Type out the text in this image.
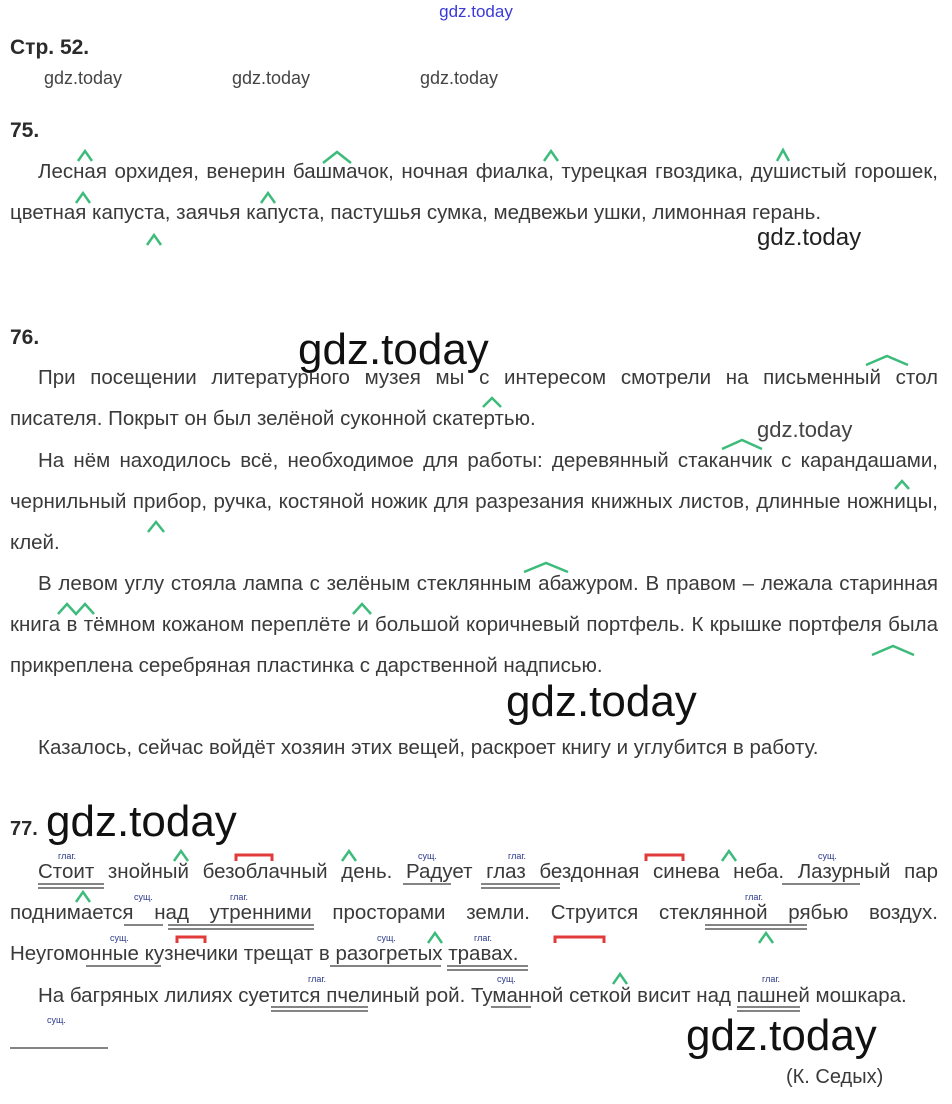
gdz.today
Стр. 52.
gdz.today	gdz.today	gdz.today
75.
Лесная орхидея, венерин башмачок, ночная фиалка, турецкая гвоздика, душистый горошек, цветная капуста, заячья капуста, пастушья сумка, медвежьи ушки, лимонная герань.
gdz.today
76.	gdz.today
При посещении литературного музея мы с интересом смотрели на письменный стол писателя. Покрыт он был зелёной суконной скатертью.	gdz.today
На нём находилось всё, необходимое для работы: деревянный стаканчик с карандашами, чернильный прибор, ручка, костяной ножик для разрезания книжных листов, длинные ножницы, клей.
В левом углу стояла лампа с зелёным стеклянным абажуром. В правом – лежала старинная книга в тёмном кожаном переплёте и большой коричневый портфель. К крышке портфеля была прикреплена серебряная пластинка с дарственной надписью.
gdz.today
Казалось, сейчас войдёт хозяин этих вещей, раскроет книгу и углубится в работу.
77. gdz.today
Стоит знойный безоблачный день. Радует глаз бездонная синева неба. Лазурный пар поднимается над утренними просторами земли. Струится стеклянной рябью воздух. Неугомонные кузнечики трещат в разогретых травах.
На багряных лилиях суетится пчелиный рой. Туманной сеткой висит над пашней мошкара.
gdz.today
(К. Седых)
глаг.	сущ.	глаг.	сущ.
сущ.	глаг.	глаг.
сущ.	сущ.	глаг.
глаг.	сущ.	глаг.
сущ.
